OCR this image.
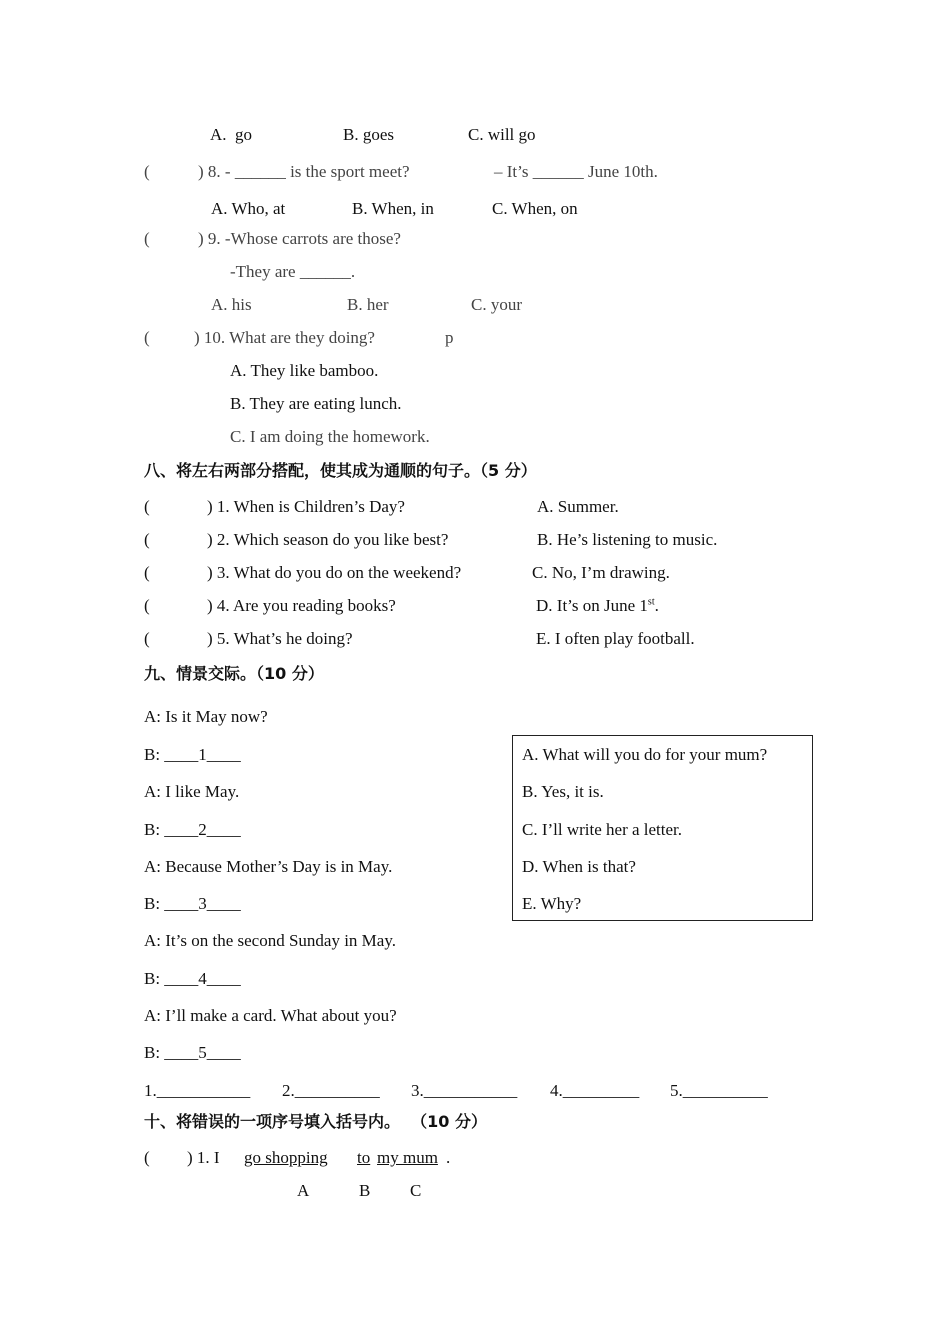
A.  go	B. goes	C. will go
(	) 8. - ______ is the sport meet?	– It’s ______ June 10th.
A. Who, at	B. When, in	C. When, on
(	) 9. -Whose carrots are those?
-They are ______.
A. his	B. her	C. your
(	) 10. What are they doing?	p
A. They like bamboo.
B. They are eating lunch.
C. I am doing the homework.
八、将左右两部分搭配，使其成为通顺的句子。（5 分）
(	) 1. When is Children’s Day?	A. Summer.
(	) 2. Which season do you like best?	B. He’s listening to music.
(	) 3. What do you do on the weekend?	C. No, I’m drawing.
(	) 4. Are you reading books?	D. It’s on June 1st.
(	) 5. What’s he doing?	E. I often play football.
九、情景交际。（10 分）
A: Is it May now?
B: ____1____
A: I like May.
B: ____2____
A: Because Mother’s Day is in May.
B: ____3____
A: It’s on the second Sunday in May.
B: ____4____
A: I’ll make a card. What about you?
B: ____5____
A. What will you do for your mum?
B. Yes, it is.
C. I’ll write her a letter.
D. When is that?
E. Why?
1.___________ 2.__________ 3.___________ 4._________ 5.__________
十、将错误的一项序号填入括号内。  （10 分）
( ) 1. I go shopping to my mum .
A	B C
